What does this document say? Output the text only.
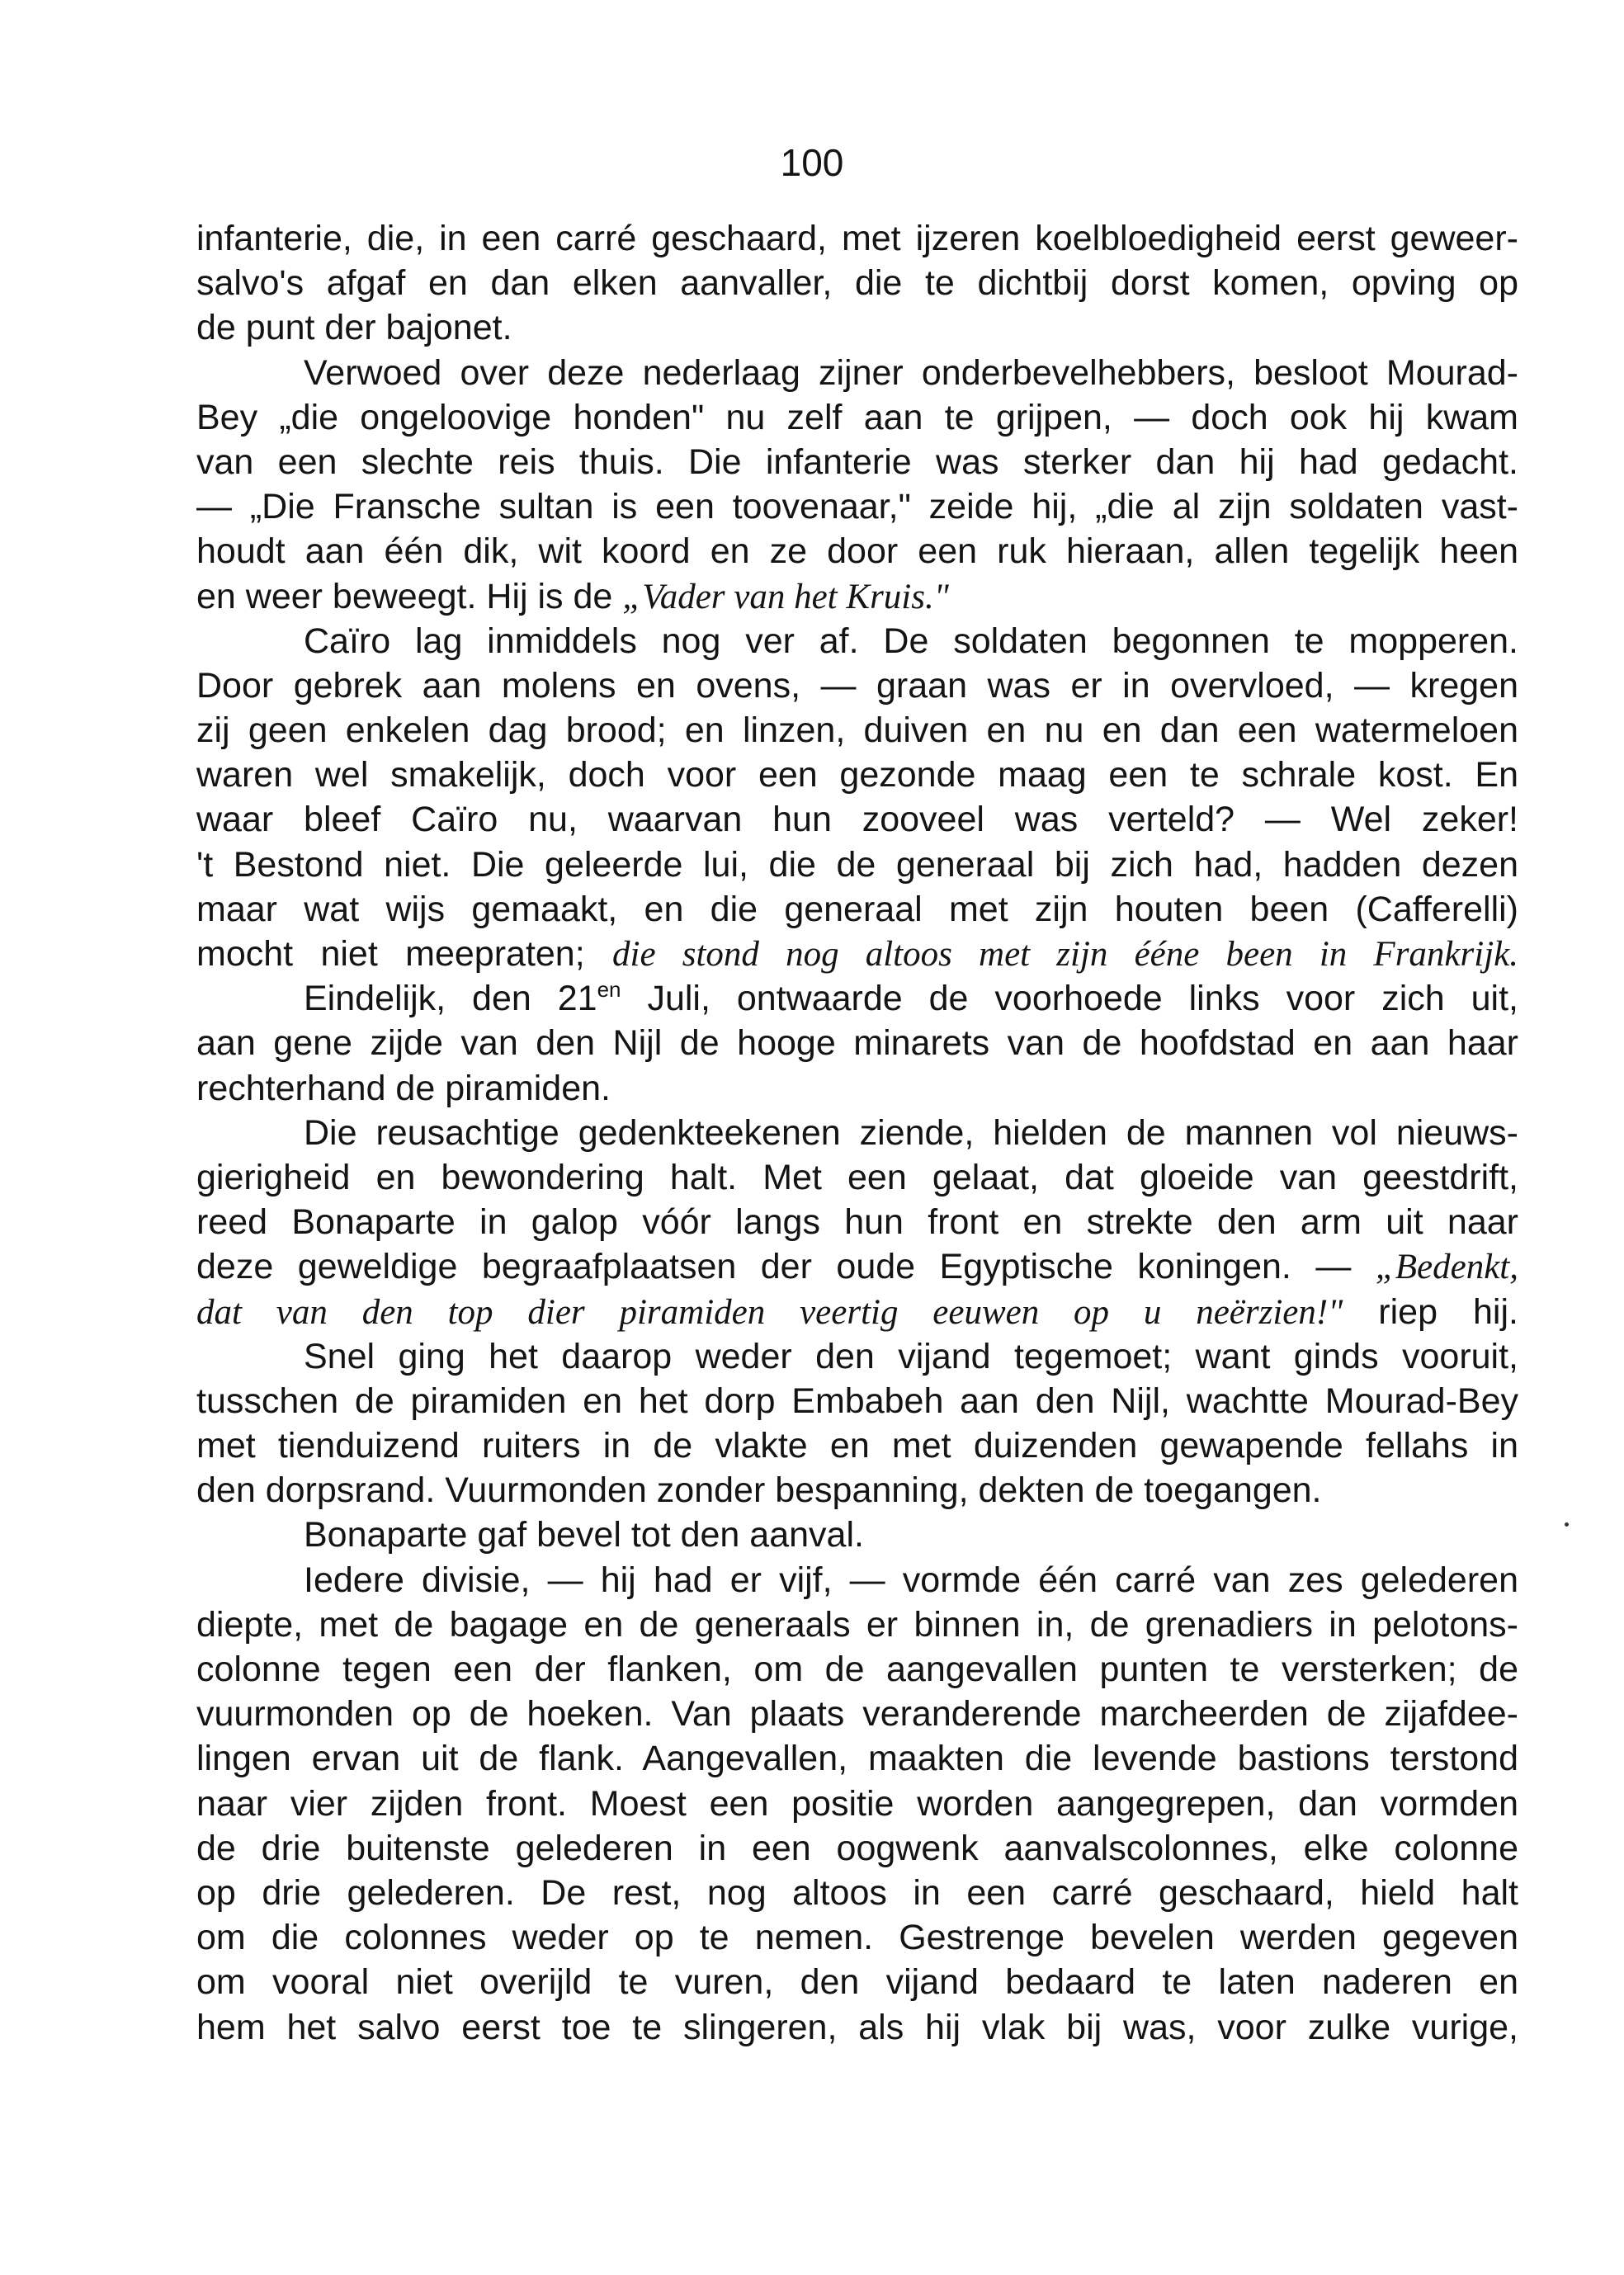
100
infanterie, die, in een carré geschaard, met ijzeren koelbloedigheid eerst geweer-
salvo's afgaf en dan elken aanvaller, die te dichtbij dorst komen, opving op
de punt der bajonet.
Verwoed over deze nederlaag zijner onderbevelhebbers, besloot Mourad-
Bey „die ongeloovige honden" nu zelf aan te grijpen, — doch ook hij kwam
van een slechte reis thuis. Die infanterie was sterker dan hij had gedacht.
— „Die Fransche sultan is een toovenaar," zeide hij, „die al zijn soldaten vast-
houdt aan één dik, wit koord en ze door een ruk hieraan, allen tegelijk heen
en weer beweegt. Hij is de „Vader van het Kruis."
Caïro lag inmiddels nog ver af. De soldaten begonnen te mopperen.
Door gebrek aan molens en ovens, — graan was er in overvloed, — kregen
zij geen enkelen dag brood; en linzen, duiven en nu en dan een watermeloen
waren wel smakelijk, doch voor een gezonde maag een te schrale kost. En
waar bleef Caïro nu, waarvan hun zooveel was verteld? — Wel zeker!
't Bestond niet. Die geleerde lui, die de generaal bij zich had, hadden dezen
maar wat wijs gemaakt, en die generaal met zijn houten been (Cafferelli)
mocht niet meepraten; die stond nog altoos met zijn ééne been in Frankrijk.
Eindelijk, den $21^{en}$ Juli, ontwaarde de voorhoede links voor zich uit,
aan gene zijde van den Nijl de hooge minarets van de hoofdstad en aan haar
rechterhand de piramiden.
Die reusachtige gedenkteekenen ziende, hielden de mannen vol nieuws-
gierigheid en bewondering halt. Met een gelaat, dat gloeide van geestdrift,
reed Bonaparte in galop vóór langs hun front en strekte den arm uit naar
deze geweldige begraafplaatsen der oude Egyptische koningen. — „Bedenkt,
dat van den top dier piramiden veertig eeuwen op u neërzien!" riep hij.
Snel ging het daarop weder den vijand tegemoet; want ginds vooruit,
tusschen de piramiden en het dorp Embabeh aan den Nijl, wachtte Mourad-Bey
met tienduizend ruiters in de vlakte en met duizenden gewapende fellahs in
den dorpsrand. Vuurmonden zonder bespanning, dekten de toegangen.
Bonaparte gaf bevel tot den aanval.
Iedere divisie, — hij had er vijf, — vormde één carré van zes gelederen
diepte, met de bagage en de generaals er binnen in, de grenadiers in pelotons-
colonne tegen een der flanken, om de aangevallen punten te versterken; de
vuurmonden op de hoeken. Van plaats veranderende marcheerden de zijafdee-
lingen ervan uit de flank. Aangevallen, maakten die levende bastions terstond
naar vier zijden front. Moest een positie worden aangegrepen, dan vormden
de drie buitenste gelederen in een oogwenk aanvalscolonnes, elke colonne
op drie gelederen. De rest, nog altoos in een carré geschaard, hield halt
om die colonnes weder op te nemen. Gestrenge bevelen werden gegeven
om vooral niet overijld te vuren, den vijand bedaard te laten naderen en
hem het salvo eerst toe te slingeren, als hij vlak bij was, voor zulke vurige,
